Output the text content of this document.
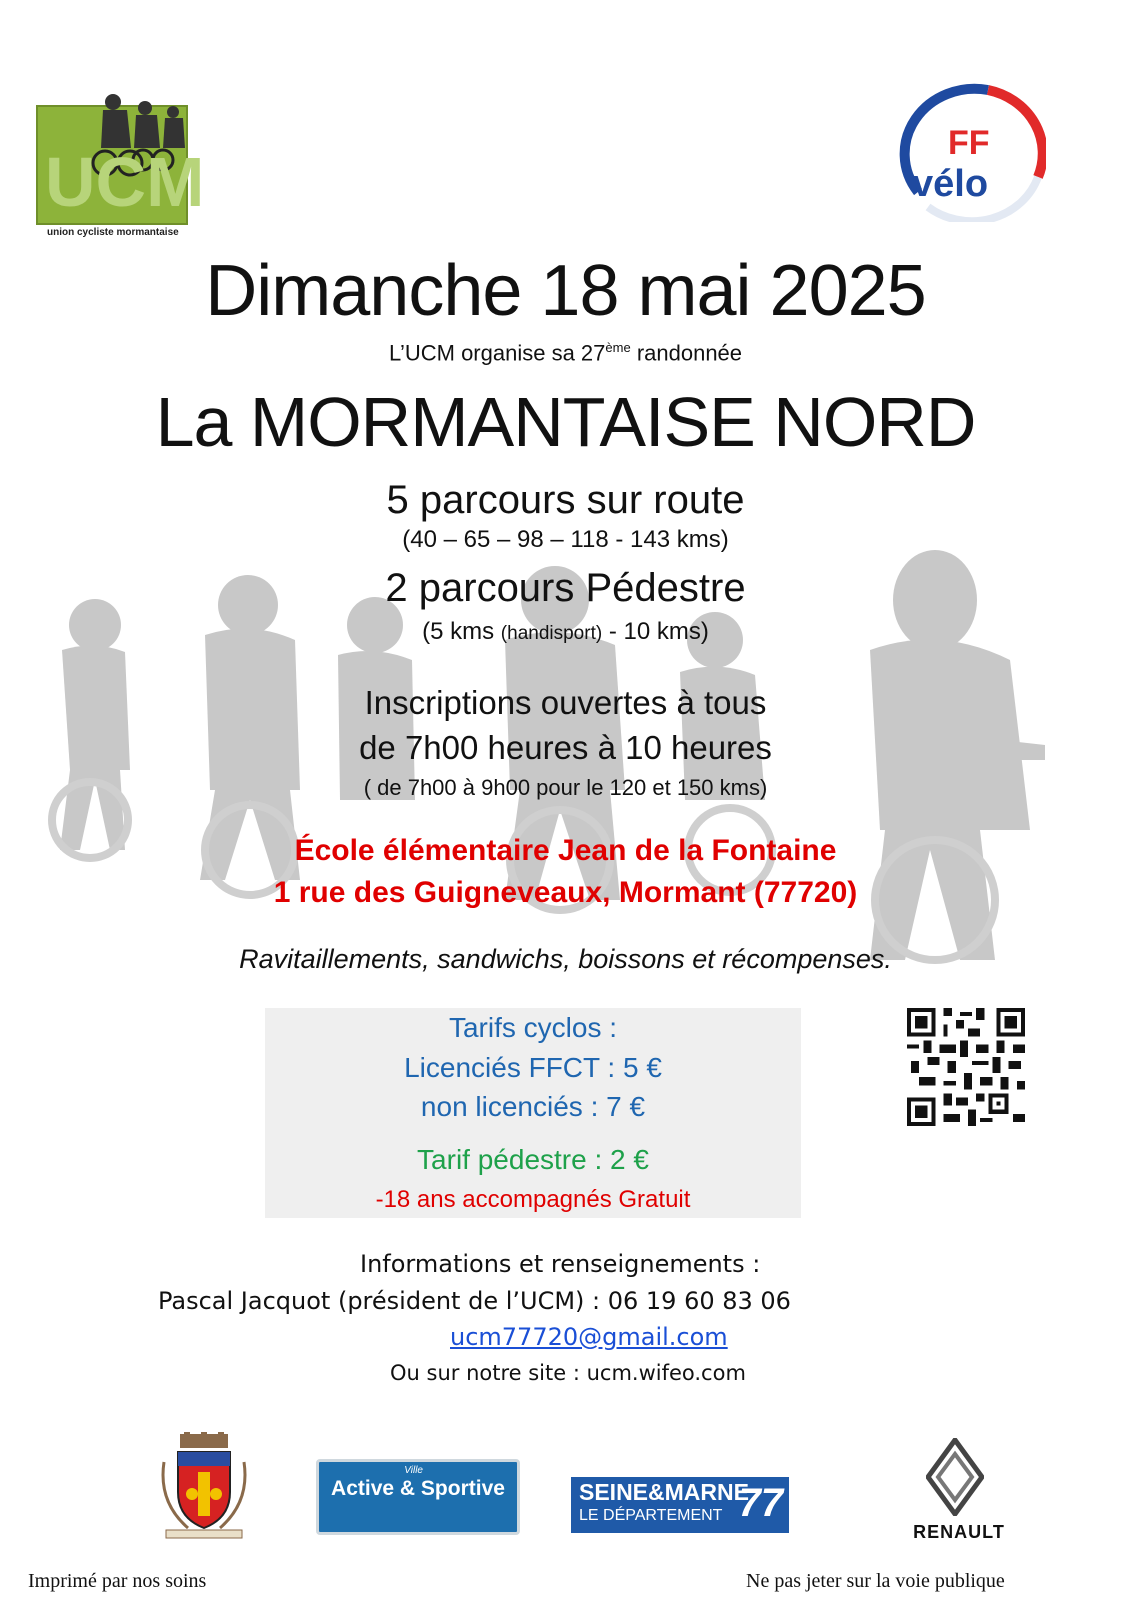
UCM
union cycliste mormantaise
FF
vélo
Dimanche 18 mai 2025
L’UCM organise sa 27ème randonnée
La MORMANTAISE NORD
5 parcours sur route
(40 – 65 – 98 – 118 - 143 kms)
2 parcours Pédestre
(5 kms (handisport) - 10 kms)
Inscriptions ouvertes à tous
de 7h00 heures à 10 heures
( de 7h00 à 9h00 pour le 120 et 150 kms)
École élémentaire Jean de la Fontaine
1 rue des Guigneveaux, Mormant (77720)
Ravitaillements, sandwichs, boissons et récompenses.
Tarifs cyclos :
Licenciés FFCT : 5 €
non licenciés : 7 €
Tarif pédestre : 2 €
-18 ans accompagnés Gratuit
Informations et renseignements :
Pascal Jacquot (président de l’UCM) : 06 19 60 83 06
ucm77720@gmail.com
Ou sur notre site : ucm.wifeo.com
Ville
Active & Sportive	SEINE&MARNE
LE DÉPARTEMENT 77
RENAULT
Imprimé par nos soins	Ne pas jeter sur la voie publique
